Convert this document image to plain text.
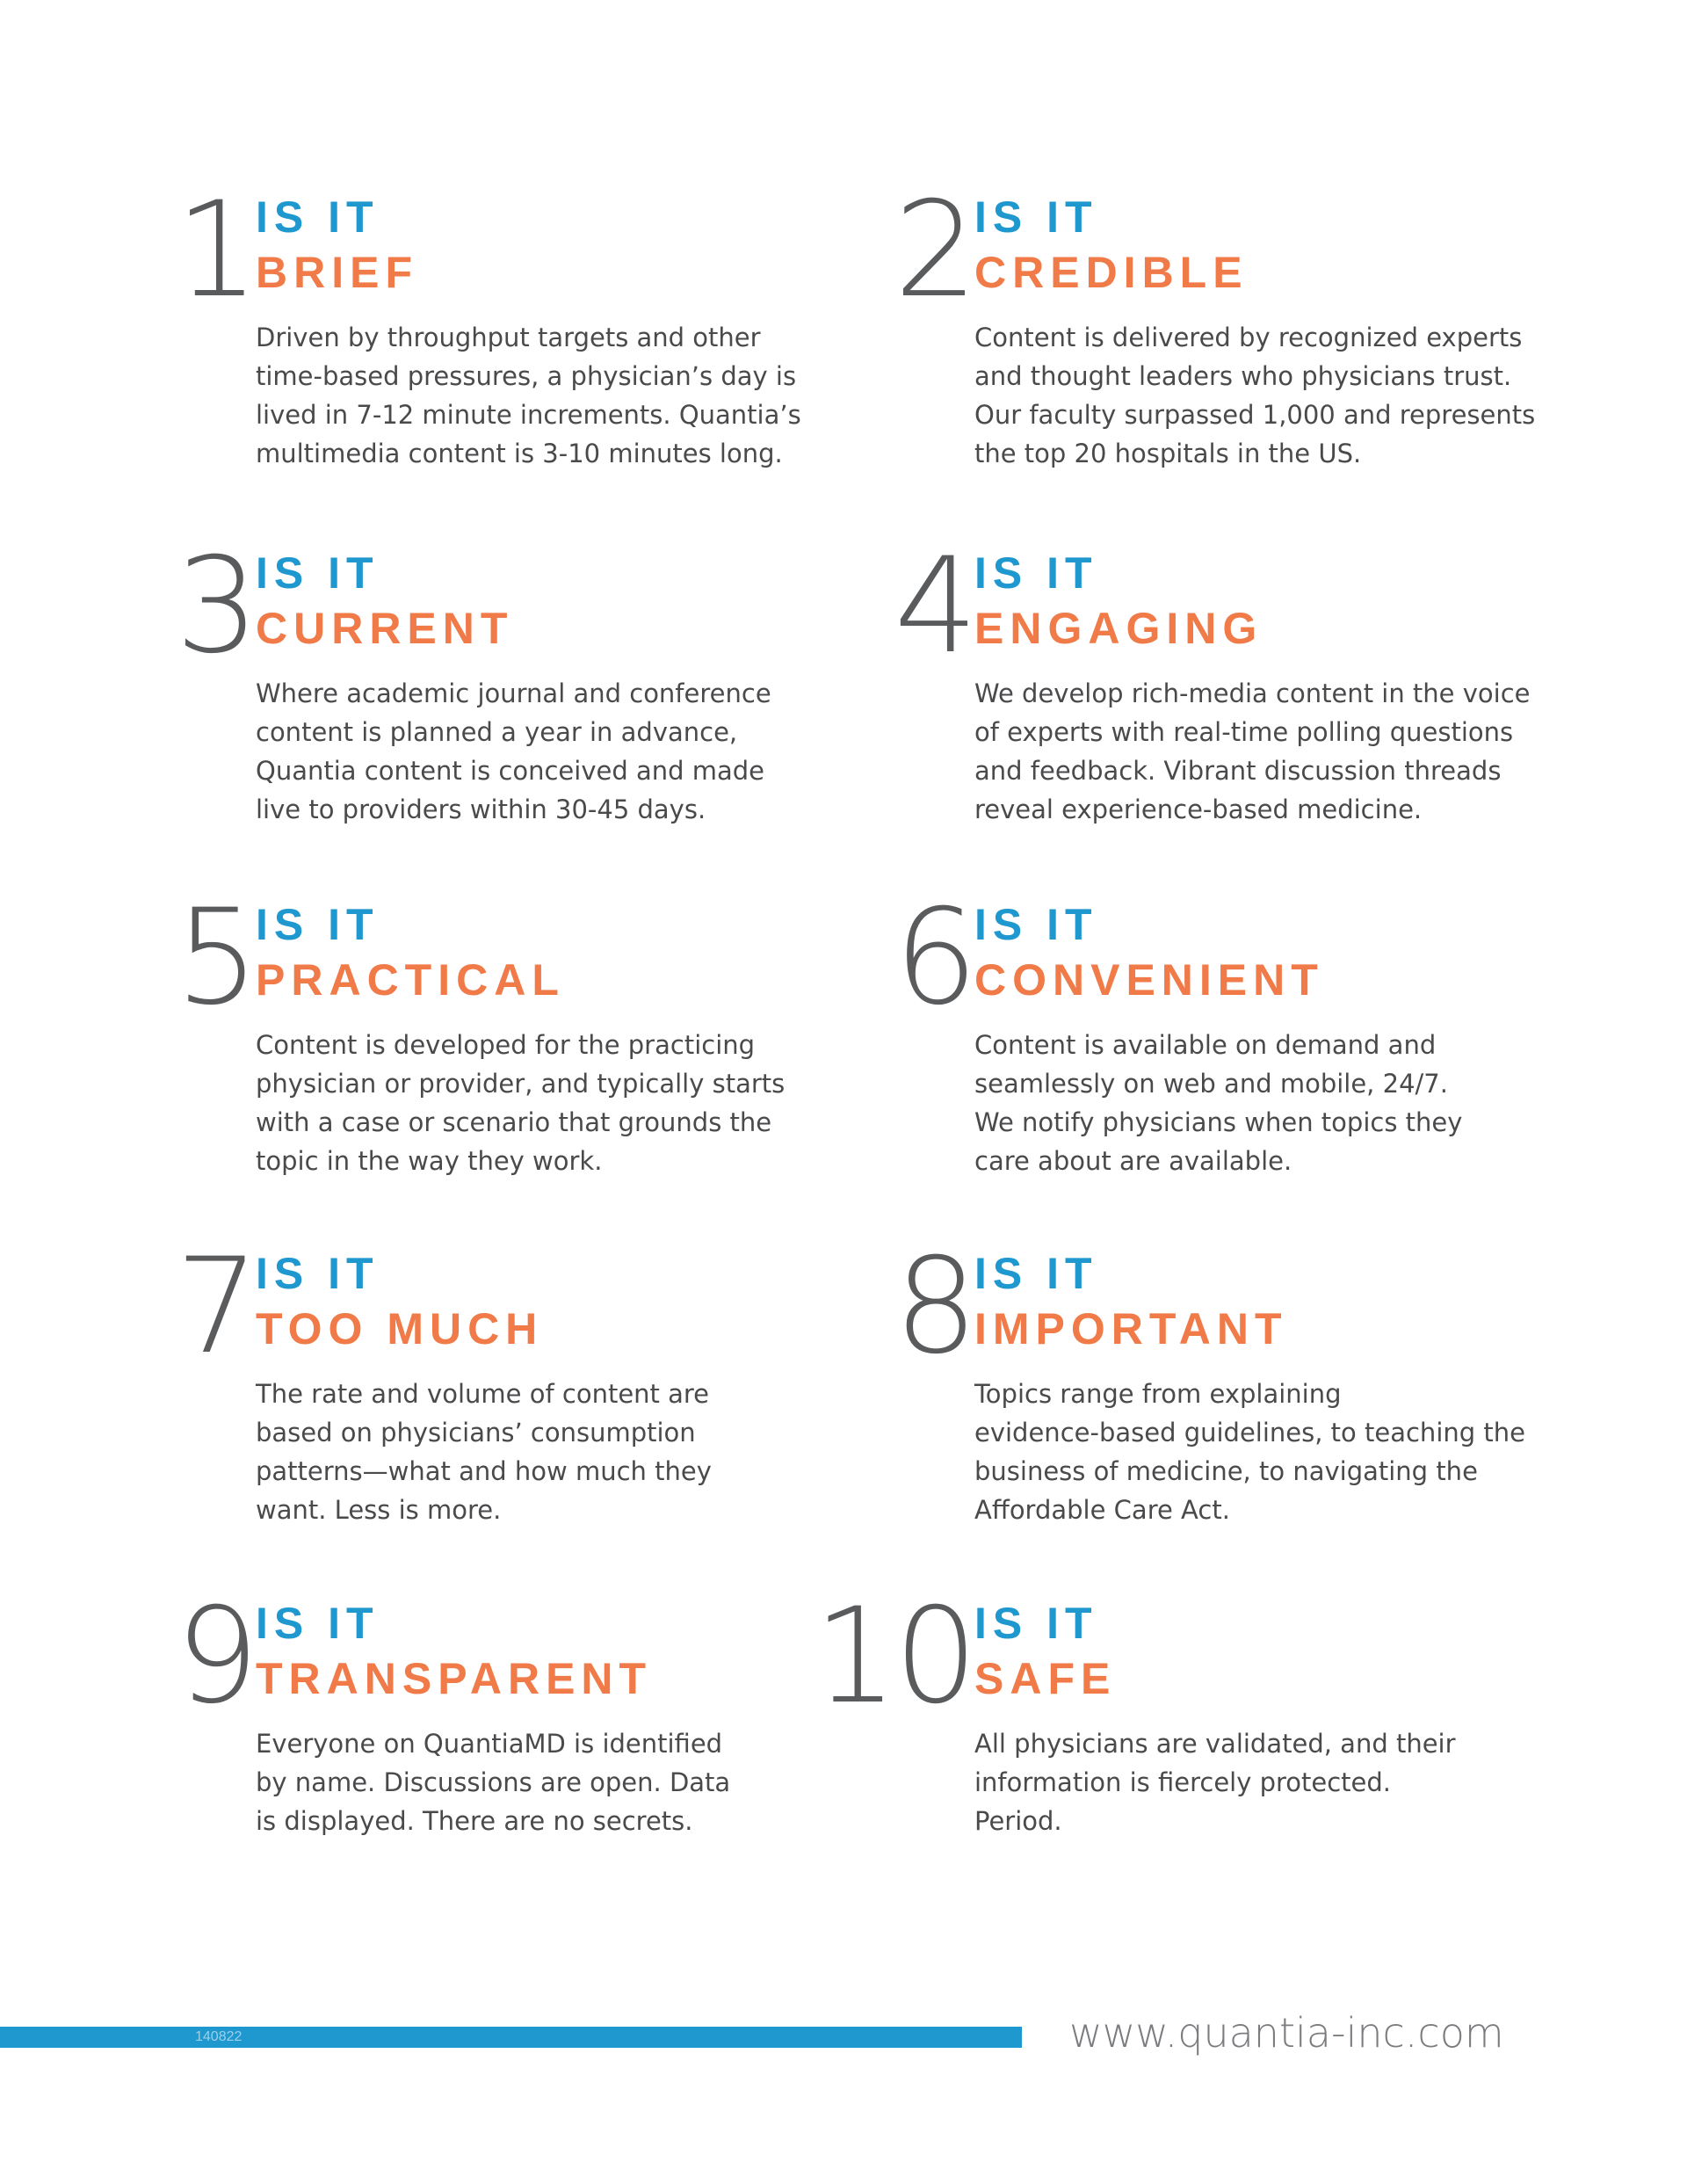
1 IS IT
BRIEF
Driven by throughput targets and other
time-based pressures, a physician’s day is
lived in 7-12 minute increments. Quantia’s
multimedia content is 3-10 minutes long.
2 IS IT
CREDIBLE
Content is delivered by recognized experts
and thought leaders who physicians trust.
Our faculty surpassed 1,000 and represents
the top 20 hospitals in the US.
3 IS IT
CURRENT
Where academic journal and conference
content is planned a year in advance,
Quantia content is conceived and made
live to providers within 30-45 days.
4 IS IT
ENGAGING
We develop rich-media content in the voice
of experts with real-time polling questions
and feedback. Vibrant discussion threads
reveal experience-based medicine.
5 IS IT
PRACTICAL
Content is developed for the practicing
physician or provider, and typically starts
with a case or scenario that grounds the
topic in the way they work.
6 IS IT
CONVENIENT
Content is available on demand and
seamlessly on web and mobile, 24/7.
We notify physicians when topics they
care about are available.
7 IS IT
TOO MUCH
The rate and volume of content are
based on physicians’ consumption
patterns—what and how much they
want. Less is more.
8 IS IT
IMPORTANT
Topics range from explaining
evidence-based guidelines, to teaching the
business of medicine, to navigating the
Affordable Care Act.
9 IS IT
TRANSPARENT
Everyone on QuantiaMD is identified
by name. Discussions are open. Data
is displayed. There are no secrets.
10 IS IT
SAFE
All physicians are validated, and their
information is fiercely protected.
Period.
140822	www.quantia-inc.com
